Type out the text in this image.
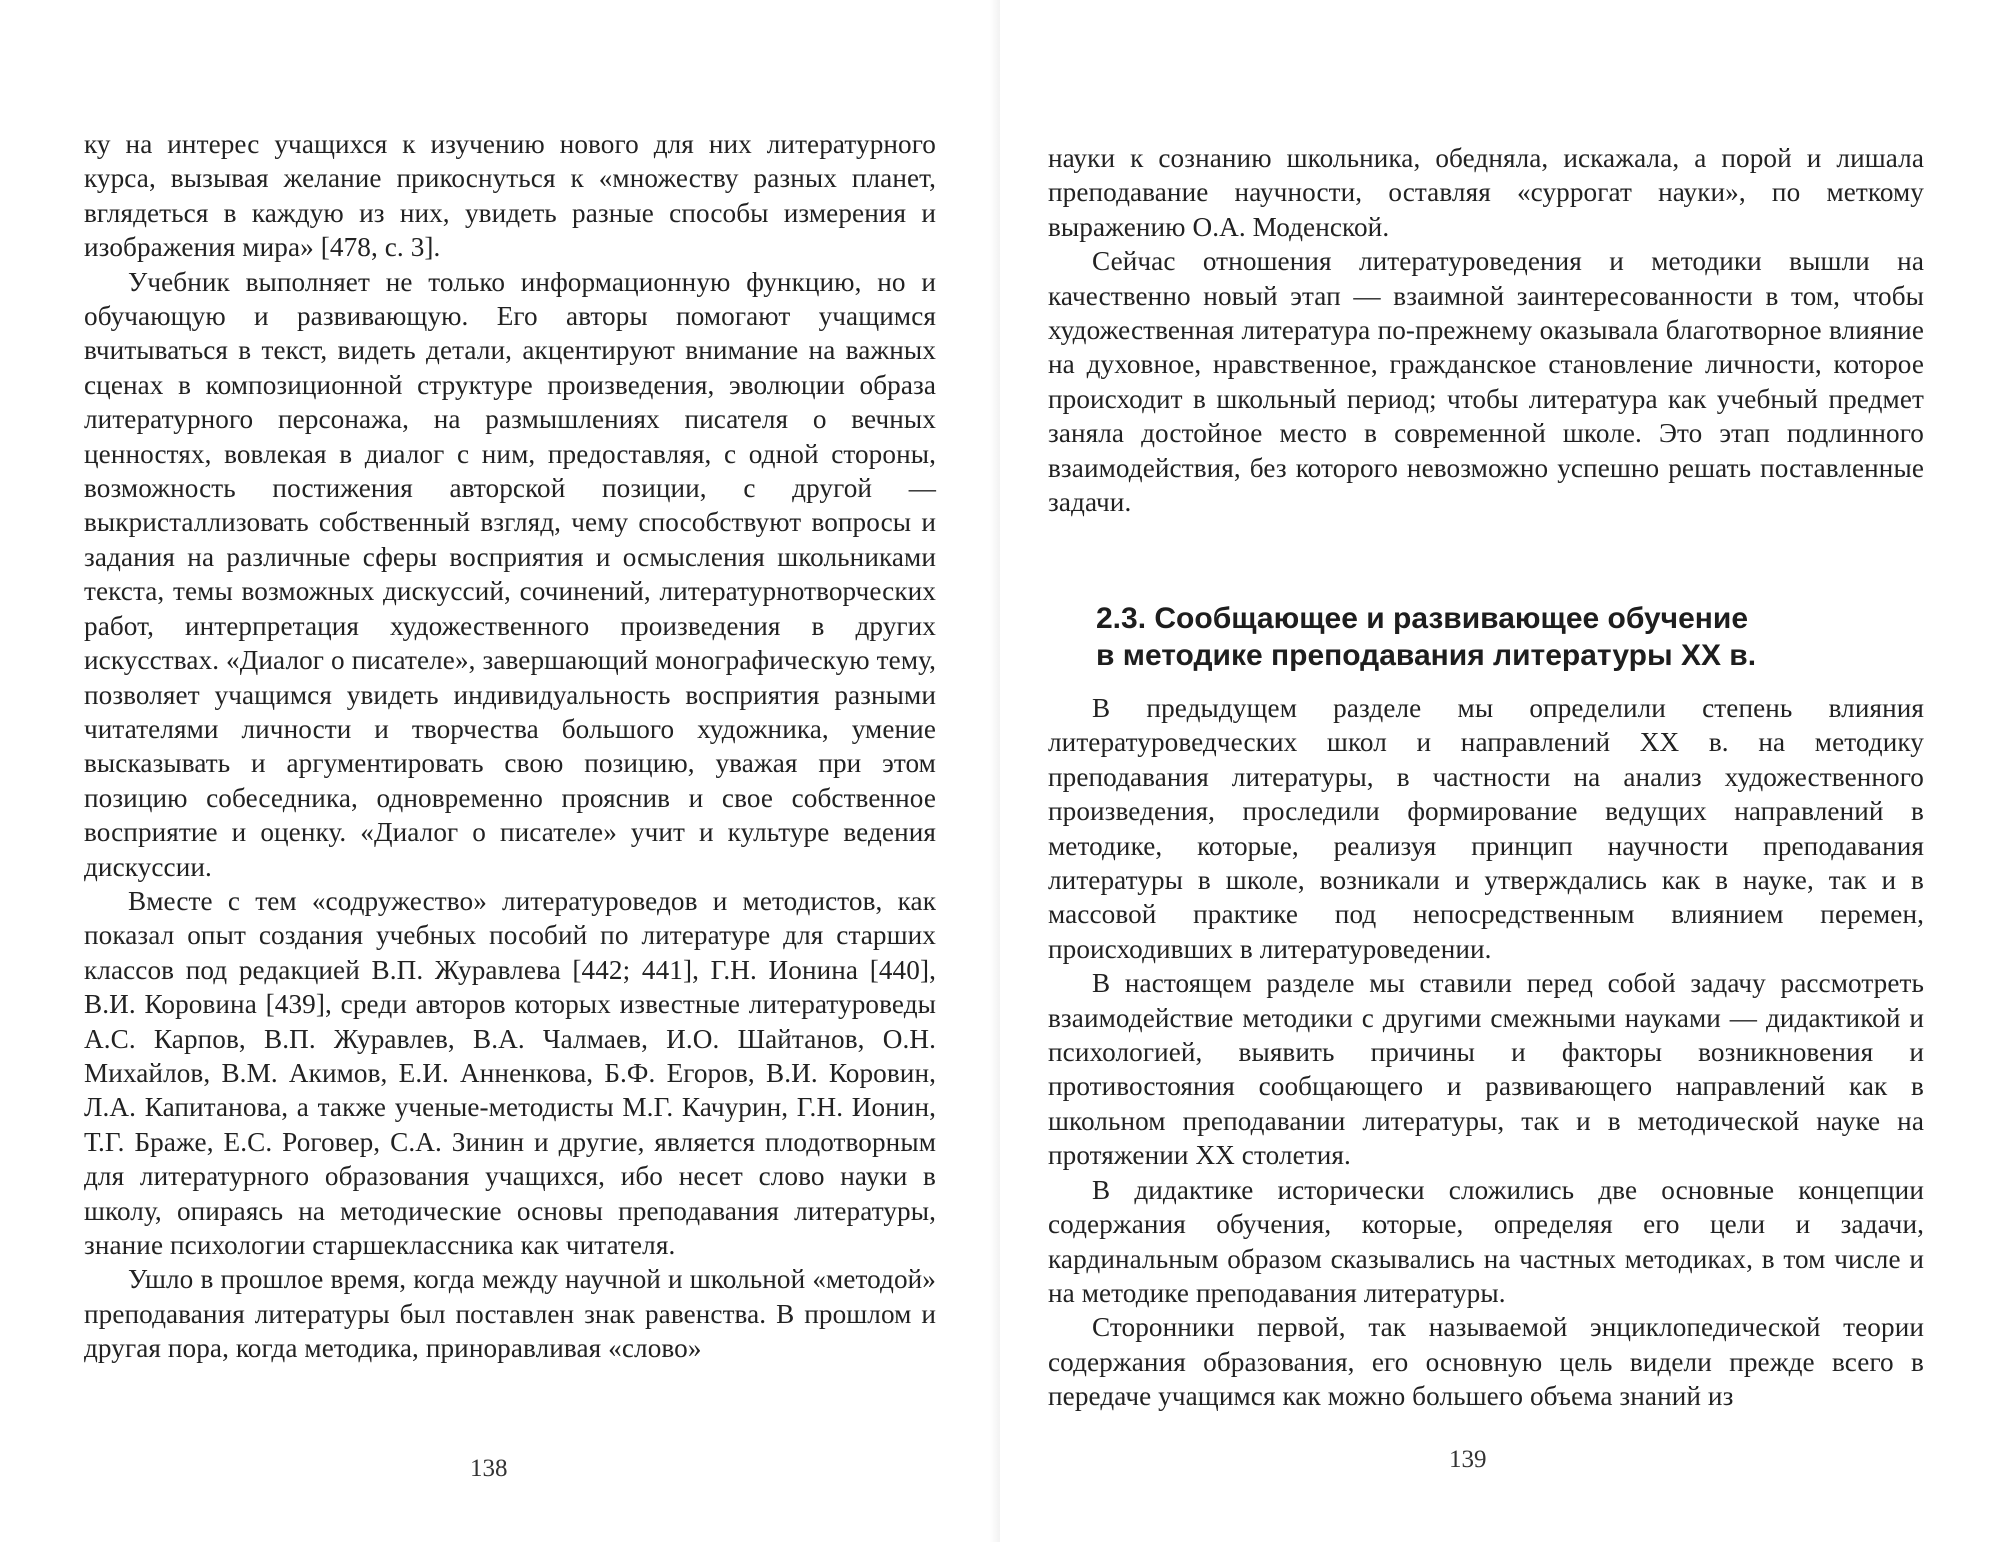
ку на интерес учащихся к изучению нового для них литературного курса, вызывая желание прикоснуться к «множеству разных планет, вглядеться в каждую из них, увидеть разные способы измерения и изображения мира» [478, с. 3].

Учебник выполняет не только информационную функцию, но и обучающую и развивающую. Его авторы помогают учащимся вчитываться в текст, видеть детали, акцентируют внимание на важных сценах в композиционной структуре произведения, эволюции образа литературного персонажа, на размышлениях писателя о вечных ценностях, вовлекая в диалог с ним, предоставляя, с одной стороны, возможность постижения авторской позиции, с другой — выкристаллизовать собственный взгляд, чему способствуют вопросы и задания на различные сферы восприятия и осмысления школьниками текста, темы возможных дискуссий, сочинений, литературнотворческих работ, интерпретация художественного произведения в других искусствах. «Диалог о писателе», завершающий монографическую тему, позволяет учащимся увидеть индивидуальность восприятия разными читателями личности и творчества большого художника, умение высказывать и аргументировать свою позицию, уважая при этом позицию собеседника, одновременно прояснив и свое собственное восприятие и оценку. «Диалог о писателе» учит и культуре ведения дискуссии.

Вместе с тем «содружество» литературоведов и методистов, как показал опыт создания учебных пособий по литературе для старших классов под редакцией В.П. Журавлева [442; 441], Г.Н. Ионина [440], В.И. Коровина [439], среди авторов которых известные литературоведы А.С. Карпов, В.П. Журавлев, В.А. Чалмаев, И.О. Шайтанов, О.Н. Михайлов, В.М. Акимов, Е.И. Анненкова, Б.Ф. Егоров, В.И. Коровин, Л.А. Капитанова, а также ученые-методисты М.Г. Качурин, Г.Н. Ионин, Т.Г. Браже, Е.С. Роговер, С.А. Зинин и другие, является плодотворным для литературного образования учащихся, ибо несет слово науки в школу, опираясь на методические основы преподавания литературы, знание психологии старшеклассника как читателя.

Ушло в прошлое время, когда между научной и школьной «методой» преподавания литературы был поставлен знак равенства. В прошлом и другая пора, когда методика, приноравливая «слово»

138

науки к сознанию школьника, обедняла, искажала, а порой и лишала преподавание научности, оставляя «суррогат науки», по меткому выражению О.А. Моденской.

Сейчас отношения литературоведения и методики вышли на качественно новый этап — взаимной заинтересованности в том, чтобы художественная литература по-прежнему оказывала благотворное влияние на духовное, нравственное, гражданское становление личности, которое происходит в школьный период; чтобы литература как учебный предмет заняла достойное место в современной школе. Это этап подлинного взаимодействия, без которого невозможно успешно решать поставленные задачи.

2.3. Сообщающее и развивающее обучение
в методике преподавания литературы XX в.

В предыдущем разделе мы определили степень влияния литературоведческих школ и направлений XX в. на методику преподавания литературы, в частности на анализ художественного произведения, проследили формирование ведущих направлений в методике, которые, реализуя принцип научности преподавания литературы в школе, возникали и утверждались как в науке, так и в массовой практике под непосредственным влиянием перемен, происходивших в литературоведении.

В настоящем разделе мы ставили перед собой задачу рассмотреть взаимодействие методики с другими смежными науками — дидактикой и психологией, выявить причины и факторы возникновения и противостояния сообщающего и развивающего направлений как в школьном преподавании литературы, так и в методической науке на протяжении XX столетия.

В дидактике исторически сложились две основные концепции содержания обучения, которые, определяя его цели и задачи, кардинальным образом сказывались на частных методиках, в том числе и на методике преподавания литературы.

Сторонники первой, так называемой энциклопедической теории содержания образования, его основную цель видели прежде всего в передаче учащимся как можно большего объема знаний из

139
